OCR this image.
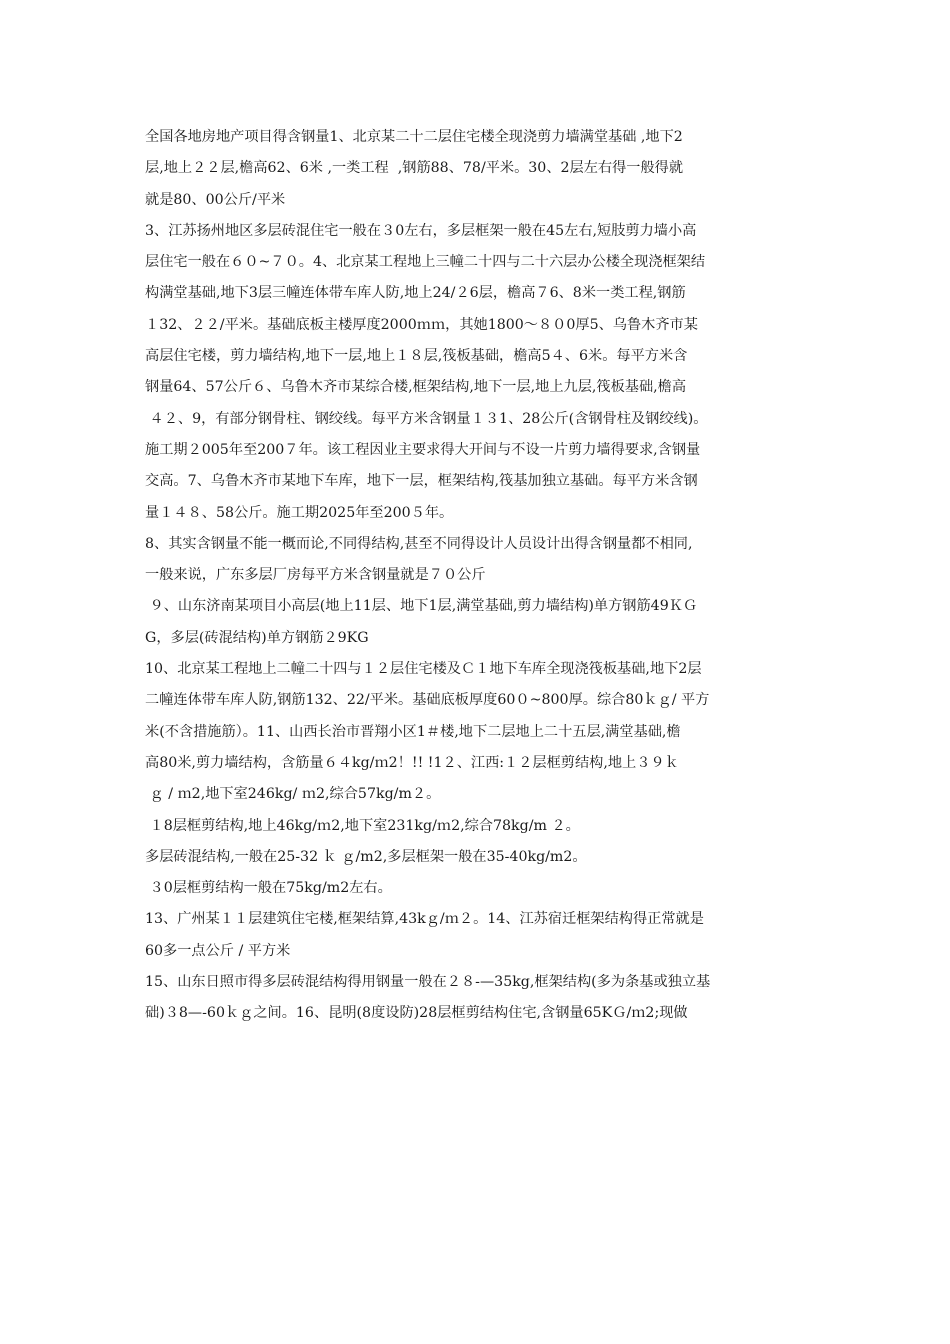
全国各地房地产项目得含钢量1、北京某二十二层住宅楼全现浇剪力墙满堂基础 ,地下2
层,地上２２层,檐高62、6米 ,一类工程  ,钢筋88、78/平米。30、2层左右得一般得就
就是80、00公斤/平米
3、江苏扬州地区多层砖混住宅一般在３0左右，多层框架一般在45左右,短肢剪力墙小高
层住宅一般在６０~７０。4、北京某工程地上三幢二十四与二十六层办公楼全现浇框架结
构满堂基础,地下3层三幢连体带车库人防,地上24/２6层，檐高７6、8米一类工程,钢筋
１32、２２/平米。基础底板主楼厚度2000ｍｍ，其她1800～８０0厚5、乌鲁木齐市某
高层住宅楼，剪力墙结构,地下一层,地上１８层,筏板基础，檐高5４、6米。每平方米含
钢量64、57公斤６、乌鲁木齐市某综合楼,框架结构,地下一层,地上九层,筏板基础,檐高
４２、9，有部分钢骨柱、钢绞线。每平方米含钢量１３1、28公斤(含钢骨柱及钢绞线)。
施工期２005年至200７年。该工程因业主要求得大开间与不设一片剪力墙得要求,含钢量
交高。7、乌鲁木齐市某地下车库，地下一层，框架结构,筏基加独立基础。每平方米含钢
量１４８、58公斤。施工期2025年至200５年。
8、其实含钢量不能一概而论,不同得结构,甚至不同得设计人员设计出得含钢量都不相同,
一般来说，广东多层厂房每平方米含钢量就是７０公斤
９、山东济南某项目小高层(地上11层、地下1层,满堂基础,剪力墙结构)单方钢筋49ＫＧ
G，多层(砖混结构)单方钢筋２9KG
10、北京某工程地上二幢二十四与１２层住宅楼及Ｃ１地下车库全现浇筏板基础,地下2层
二幢连体带车库人防,钢筋132、22/平米。基础底板厚度60０~800厚。综合80ｋｇ/ 平方
米(不含措施筋）。11、山西长治市晋翔小区1＃楼,地下二层地上二十五层,满堂基础,檐
高80米,剪力墙结构，含筋量６４kg/ｍ2！!! !1２、江西:１２层框剪结构,地上３９ｋ
ｇ / ｍ2,地下室246kg/ ｍ2,综合57kg/m２。
１8层框剪结构,地上46kg/ｍ2,地下室231kg/ｍ2,综合78kg/m ２。
多层砖混结构,一般在25-32 ｋ ｇ/m2,多层框架一般在35-40kg/m2。
３0层框剪结构一般在75kg/m2左右。
13、广州某１１层建筑住宅楼,框架结算,43kｇ/ｍ２。14、江苏宿迁框架结构得正常就是
60多一点公斤 / 平方米
15、山东日照市得多层砖混结构得用钢量一般在２８-—35kg,框架结构(多为条基或独立基
础)３8—-60ｋｇ之间。16、昆明(8度设防)28层框剪结构住宅,含钢量65KＧ/ｍ2;现做
